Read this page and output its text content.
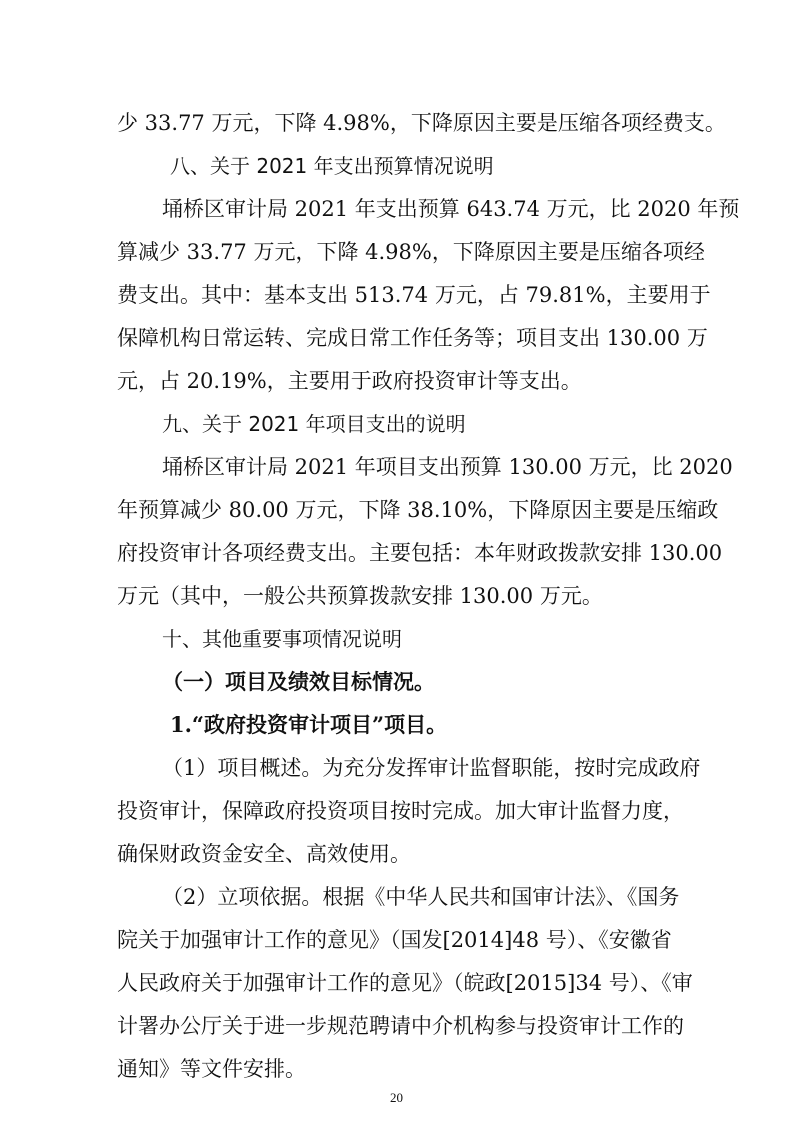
少 33.77 万元，下降 4.98%，下降原因主要是压缩各项经费支。
八、关于 2021 年支出预算情况说明
埇桥区审计局 2021 年支出预算 643.74 万元，比 2020 年预
算减少 33.77 万元，下降 4.98%，下降原因主要是压缩各项经
费支出。其中：基本支出 513.74 万元，占 79.81%，主要用于
保障机构日常运转、完成日常工作任务等；项目支出 130.00 万
元，占 20.19%，主要用于政府投资审计等支出。
九、关于 2021 年项目支出的说明
埇桥区审计局 2021 年项目支出预算 130.00 万元，比 2020
年预算减少 80.00 万元，下降 38.10%，下降原因主要是压缩政
府投资审计各项经费支出。主要包括：本年财政拨款安排 130.00
万元（其中，一般公共预算拨款安排 130.00 万元。
十、其他重要事项情况说明
（一）项目及绩效目标情况。
1.“政府投资审计项目”项目。
（1）项目概述。为充分发挥审计监督职能，按时完成政府
投资审计，保障政府投资项目按时完成。加大审计监督力度，
确保财政资金安全、高效使用。
（2）立项依据。根据《中华人民共和国审计法》、《国务
院关于加强审计工作的意见》（国发[2014]48 号）、《安徽省
人民政府关于加强审计工作的意见》（皖政[2015]34 号）、《审
计署办公厅关于进一步规范聘请中介机构参与投资审计工作的
通知》等文件安排。
20
